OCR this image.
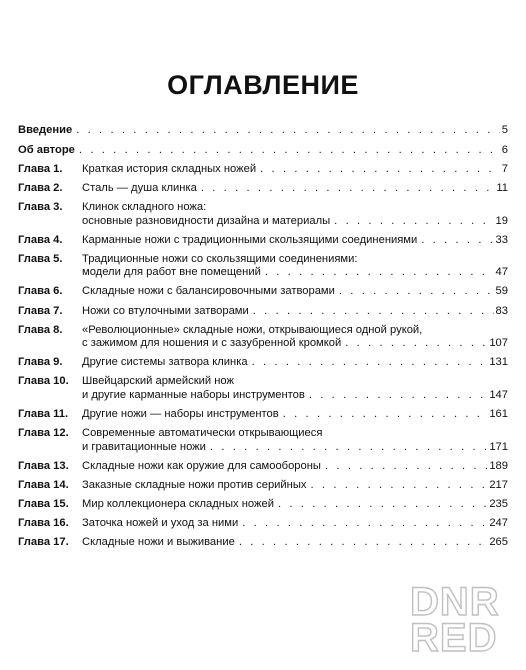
ОГЛАВЛЕНИЕ
Введение . . .	5
Об авторе . . .	6
Глава 1.	Краткая история складных ножей . . .	7
Глава 2.	Сталь — душа клинка . . .	11
Глава 3.	Клинок складного ножа:
основные разновидности дизайна и материалы . . .	19
Глава 4.	Карманные ножи с традиционными скользящими соединениями . . .	33
Глава 5.	Традиционные ножи со скользящими соединениями:
модели для работ вне помещений . . .	47
Глава 6.	Складные ножи с балансировочными затворами . . .	59
Глава 7.	Ножи со втулочными затворами . . .	83
Глава 8.	«Революционные» складные ножи, открывающиеся одной рукой,
с зажимом для ношения и с зазубренной кромкой . . .	107
Глава 9.	Другие системы затвора клинка . . .	131
Глава 10.	Швейцарский армейский нож
и другие карманные наборы инструментов . . .	147
Глава 11.	Другие ножи — наборы инструментов . . .	161
Глава 12.	Современные автоматически открывающиеся
и гравитационные ножи . . .	171
Глава 13.	Складные ножи как оружие для самообороны . . .	189
Глава 14.	Заказные складные ножи против серийных . . .	217
Глава 15.	Мир коллекционера складных ножей . . .	235
Глава 16.	Заточка ножей и уход за ними . . .	247
Глава 17.	Складные ножи и выживание . . .	265
DNR
RED
